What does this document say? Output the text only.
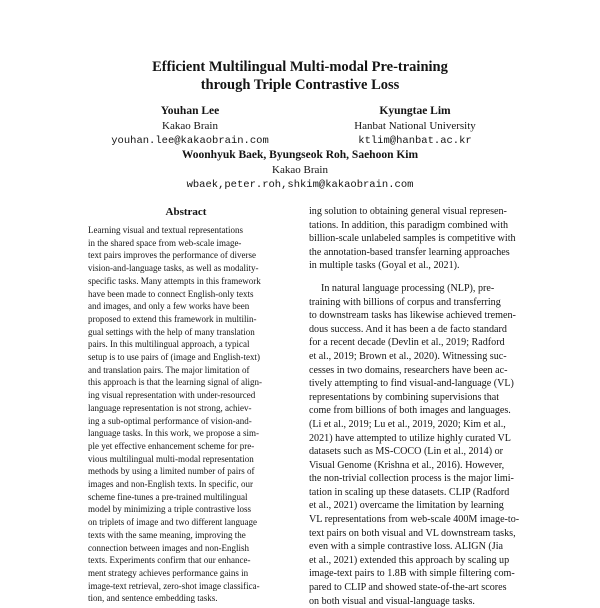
Efficient Multilingual Multi-modal Pre-training
through Triple Contrastive Loss
Youhan Lee
Kakao Brain
youhan.lee@kakaobrain.com
Kyungtae Lim
Hanbat National University
ktlim@hanbat.ac.kr
Woonhyuk Baek, Byungseok Roh, Saehoon Kim
Kakao Brain
wbaek,peter.roh,shkim@kakaobrain.com
Abstract
Learning visual and textual representations
in the shared space from web-scale image-
text pairs improves the performance of diverse
vision-and-language tasks, as well as modality-
specific tasks. Many attempts in this framework
have been made to connect English-only texts
and images, and only a few works have been
proposed to extend this framework in multilin-
gual settings with the help of many translation
pairs. In this multilingual approach, a typical
setup is to use pairs of (image and English-text)
and translation pairs. The major limitation of
this approach is that the learning signal of align-
ing visual representation with under-resourced
language representation is not strong, achiev-
ing a sub-optimal performance of vision-and-
language tasks. In this work, we propose a sim-
ple yet effective enhancement scheme for pre-
vious multilingual multi-modal representation
methods by using a limited number of pairs of
images and non-English texts. In specific, our
scheme fine-tunes a pre-trained multilingual
model by minimizing a triple contrastive loss
on triplets of image and two different language
texts with the same meaning, improving the
connection between images and non-English
texts. Experiments confirm that our enhance-
ment strategy achieves performance gains in
image-text retrieval, zero-shot image classifica-
tion, and sentence embedding tasks.
ing solution to obtaining general visual represen-
tations. In addition, this paradigm combined with
billion-scale unlabeled samples is competitive with
the annotation-based transfer learning approaches
in multiple tasks (Goyal et al., 2021).
In natural language processing (NLP), pre-
training with billions of corpus and transferring
to downstream tasks has likewise achieved tremen-
dous success. And it has been a de facto standard
for a recent decade (Devlin et al., 2019; Radford
et al., 2019; Brown et al., 2020). Witnessing suc-
cesses in two domains, researchers have been ac-
tively attempting to find visual-and-language (VL)
representations by combining supervisions that
come from billions of both images and languages.
(Li et al., 2019; Lu et al., 2019, 2020; Kim et al.,
2021) have attempted to utilize highly curated VL
datasets such as MS-COCO (Lin et al., 2014) or
Visual Genome (Krishna et al., 2016). However,
the non-trivial collection process is the major limi-
tation in scaling up these datasets. CLIP (Radford
et al., 2021) overcame the limitation by learning
VL representations from web-scale 400M image-to-
text pairs on both visual and VL downstream tasks,
even with a simple contrastive loss. ALIGN (Jia
et al., 2021) extended this approach by scaling up
image-text pairs to 1.8B with simple filtering com-
pared to CLIP and showed state-of-the-art scores
on both visual and visual-language tasks.
